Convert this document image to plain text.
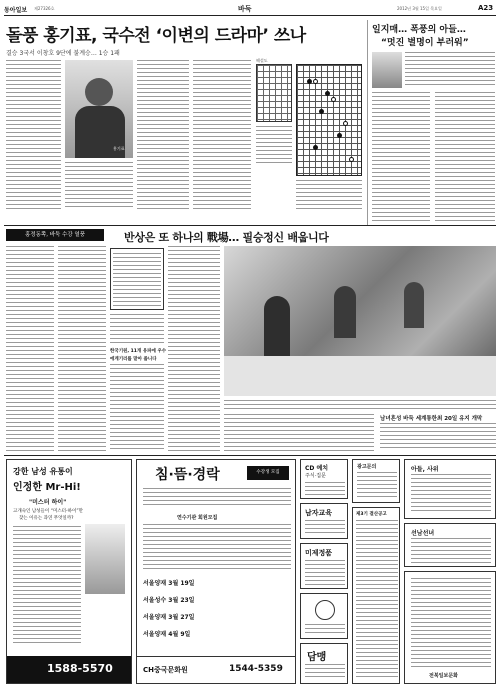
동아일보 제27326호	바둑	2012년 3월 15일 목요일	A23
돌풍 홍기표, 국수전 ‘이변의 드라마’ 쓰나
결승 3국서 이창호 9단에 불계승… 1승 1패
홍기표
해설도
일지매… 폭풍의 아들…
“멋진 별명이 부러워”
홍정동쪽, 바둑 수강 열풍	반상은 또 하나의 戰場… 필승정신 배웁니다
한국기원, 11개 유파에 우수
에게기리를 맡아 줍니다
남녀혼성 바둑 세계통한최 20일 유지 개막
강한 남성 유통이
인정한 Mr-Hi!
"미스터 하이"
고개숙인 남성들이 “미스터-하이”만
찾는 이유는 과연 무엇일까?
1588-5570
침·뜸·경락	수강생 모집
연수기관 회원모집
서울양재 3월 19일
서울성수 3월 23일
서울양재 3월 27일
서울양재 4월 9일
CH중국문화원	1544-5359
CD 예치
주식·집문
남자교육
미제정품
담맹
광고문의
제3기 결산공고
아들, 사위
선남선녀
전북일보문화
